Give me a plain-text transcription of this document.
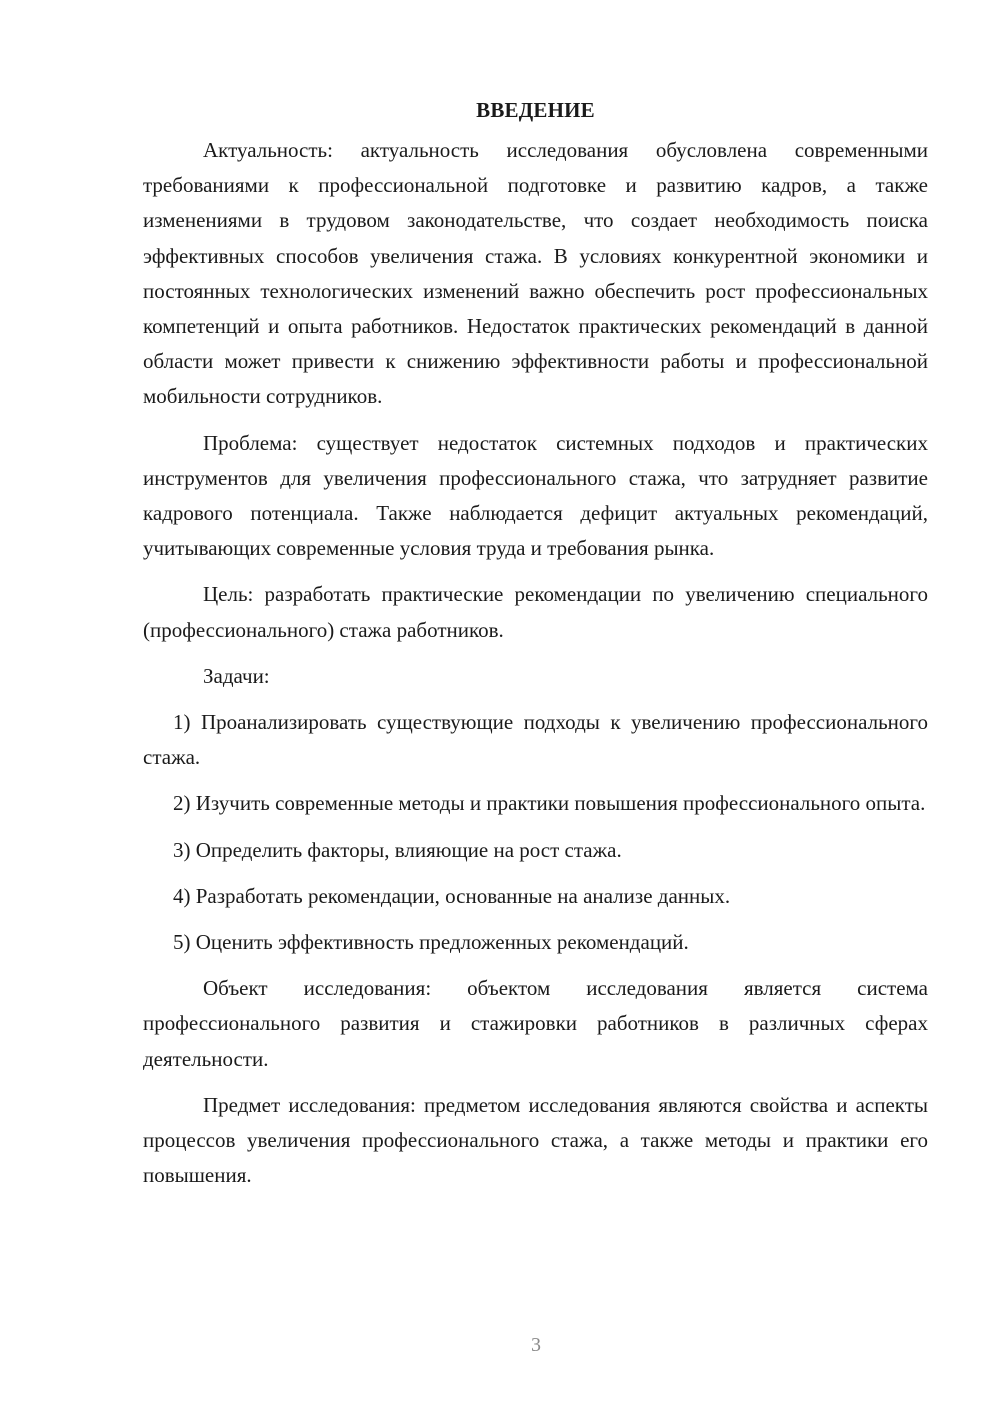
ВВЕДЕНИЕ

Актуальность: актуальность исследования обусловлена современными требованиями к профессиональной подготовке и развитию кадров, а также изменениями в трудовом законодательстве, что создает необходимость поиска эффективных способов увеличения стажа. В условиях конкурентной экономики и постоянных технологических изменений важно обеспечить рост профессиональных компетенций и опыта работников. Недостаток практических рекомендаций в данной области может привести к снижению эффективности работы и профессиональной мобильности сотрудников.

Проблема: существует недостаток системных подходов и практических инструментов для увеличения профессионального стажа, что затрудняет развитие кадрового потенциала. Также наблюдается дефицит актуальных рекомендаций, учитывающих современные условия труда и требования рынка.

Цель: разработать практические рекомендации по увеличению специального (профессионального) стажа работников.

Задачи:

1) Проанализировать существующие подходы к увеличению профессионального стажа.

2) Изучить современные методы и практики повышения профессионального опыта.

3) Определить факторы, влияющие на рост стажа.

4) Разработать рекомендации, основанные на анализе данных.

5) Оценить эффективность предложенных рекомендаций.

Объект исследования: объектом исследования является система профессионального развития и стажировки работников в различных сферах деятельности.

Предмет исследования: предметом исследования являются свойства и аспекты процессов увеличения профессионального стажа, а также методы и практики его повышения.

3
